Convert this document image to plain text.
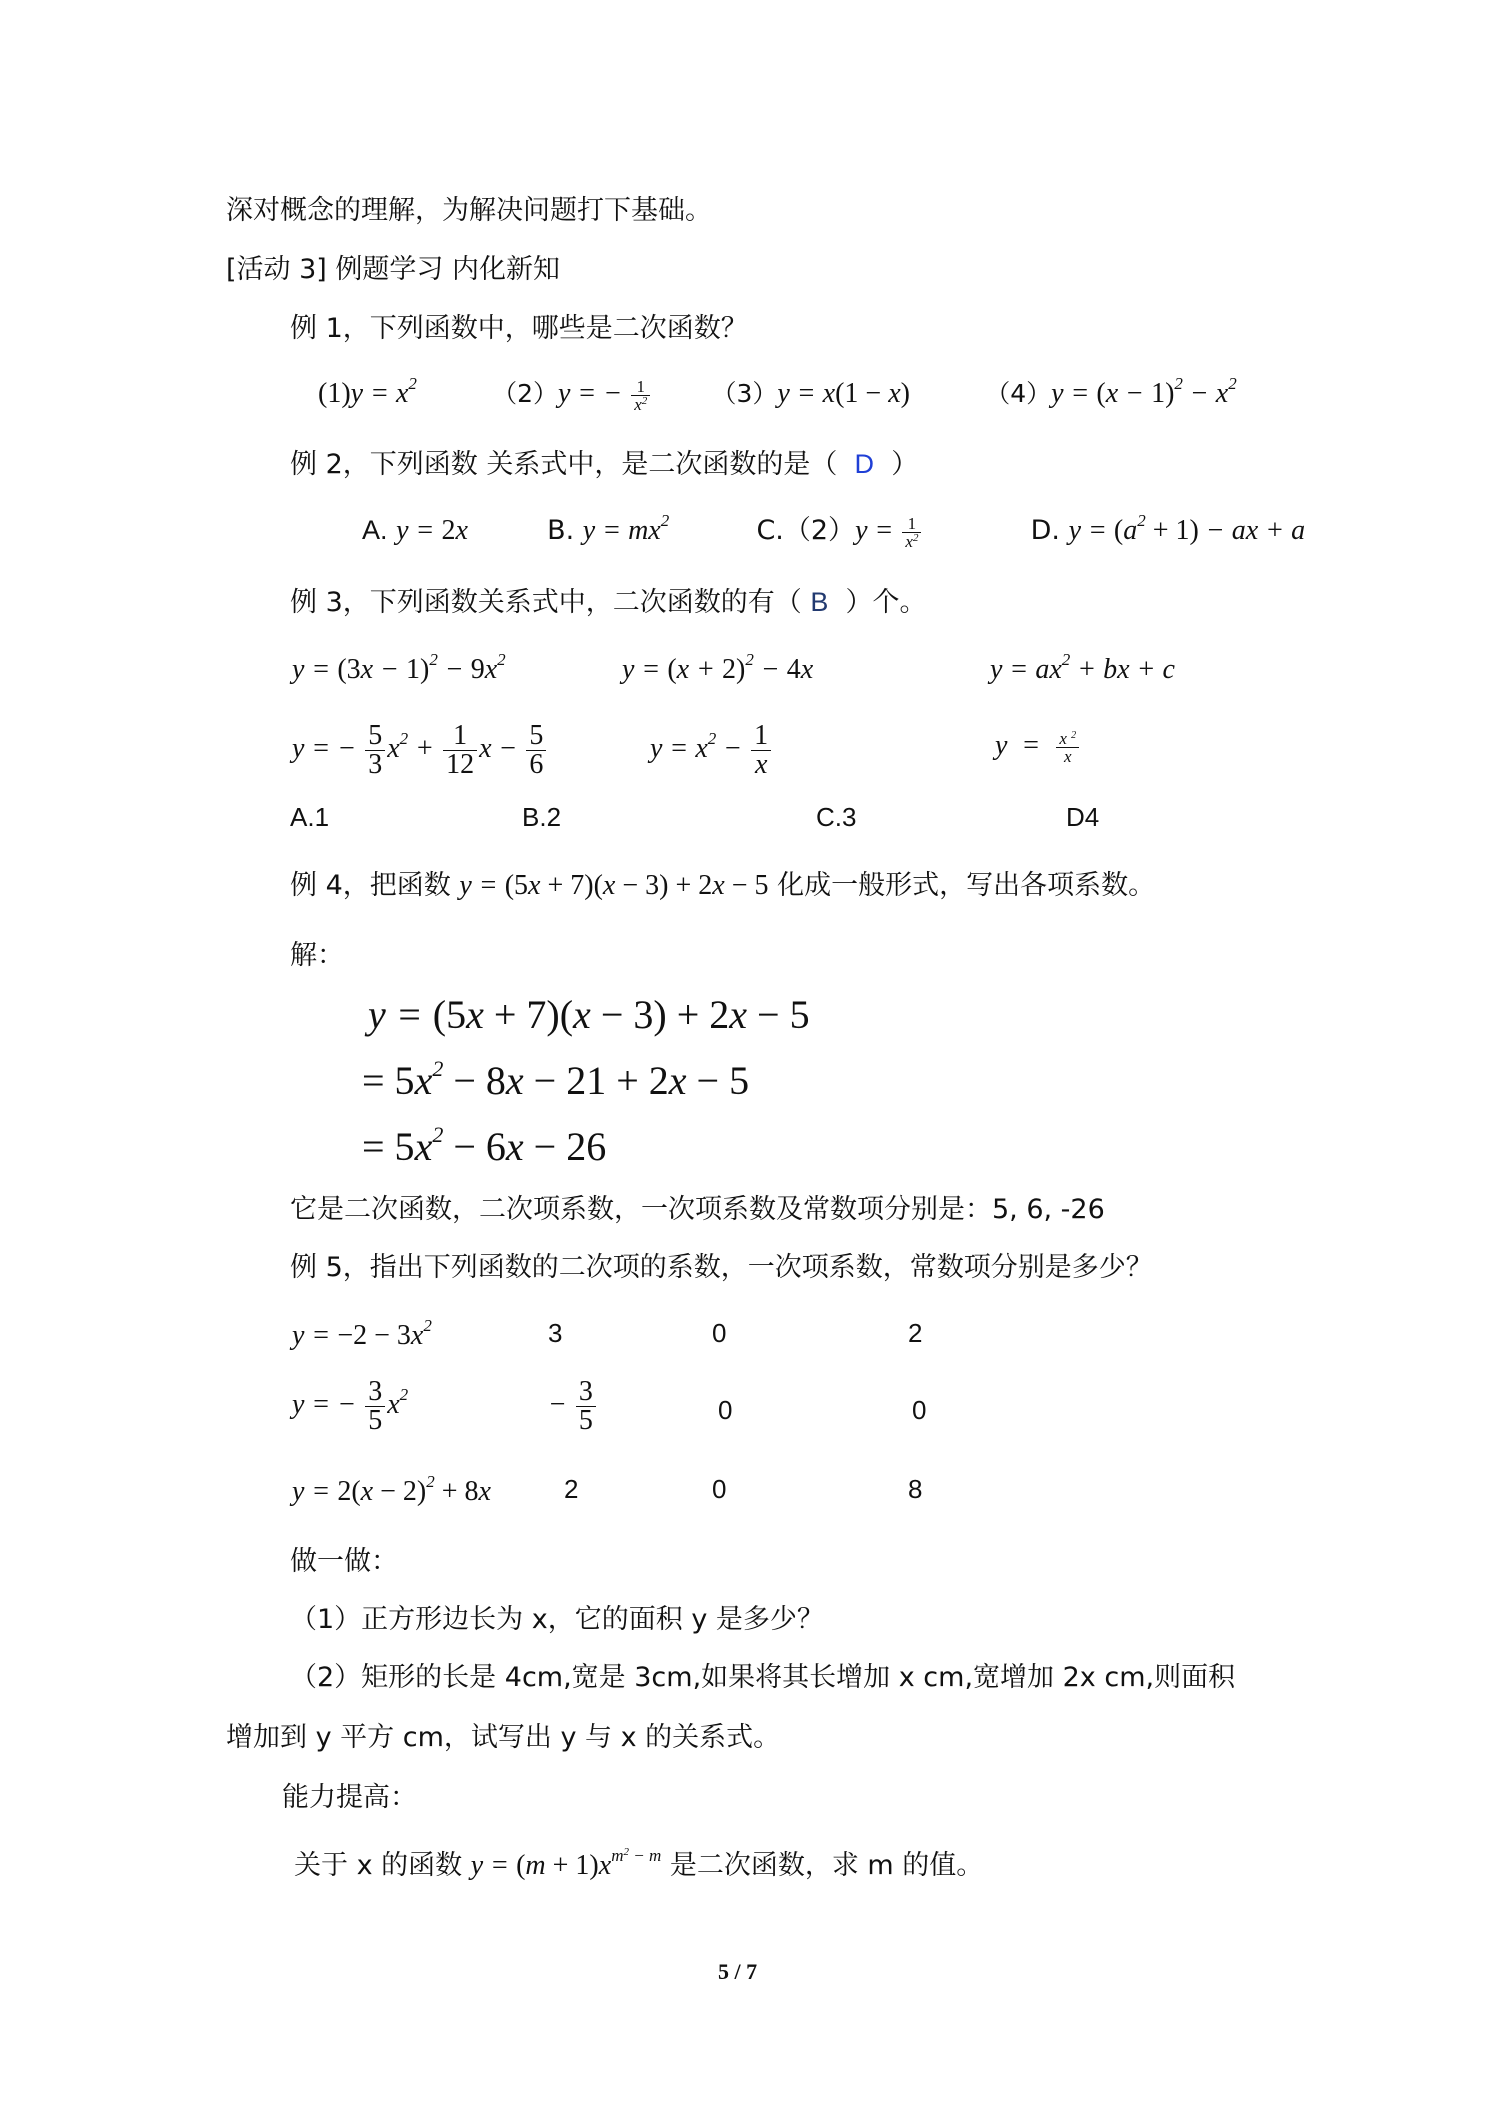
深对概念的理解，为解决问题打下基础。
[活动 3] 例题学习 内化新知
例 1，下列函数中，哪些是二次函数？
$(1)y = x^2$	（2）y = − $\frac{1}{x^2} (3)y = x(1 - x)$	$(4)y = (x - 1)^2 - x^2$
例 2，下列函数 关系式中，是二次函数的是（ D ）
A. y = 2x	B. $y = mx^2$	$C.(2)y = \frac{1}{x^2}$	D. $y = (a^2 + 1)$ − ax + a
例 3，下列函数关系式中，二次函数的有（ B ）个。
$y = (3x - 1)^2 - 9x^2$	$y = (x + 2)^2 - 4x$	$y = ax^2$ + bx + c
y = − $\frac{5}{3} x^2 + \frac{1}{12}$ $x - \frac{5}{6}$	$y = x^2 - \frac{1}{x}$	$y = \frac{x ^2}{x}$
A.1	B.2	C.3	D4
例 4，把函数 y = (5x + 7)(x − 3) + 2x − 5 化成一般形式，写出各项系数。
解：
y = (5x + 7)(x − 3) + 2x − 5
= $5x^2 - 8x - 21 + 2x - 5$
= $5x^2 - 6x - 26$
它是二次函数，二次项系数，一次项系数及常数项分别是：5, 6, -26
例 5，指出下列函数的二次项的系数，一次项系数，常数项分别是多少？
$y = -2 - 3x^2$	3	0	2
y = − $\frac{3}{5} x^2$	− $\frac{3}{5}$	0	0
$y = 2(x - 2)^2 + 8x$	2	0	8
做一做：
（1）正方形边长为 x，它的面积 y 是多少？
（2）矩形的长是 4cm,宽是 3cm,如果将其长增加 x cm,宽增加 2x cm,则面积
增加到 y 平方 cm，试写出 y 与 x 的关系式。
能力提高：
关于 x 的函数 $y = (m + 1)x^{m^2 - m}$ 是二次函数，求 m 的值。
5 / 7
